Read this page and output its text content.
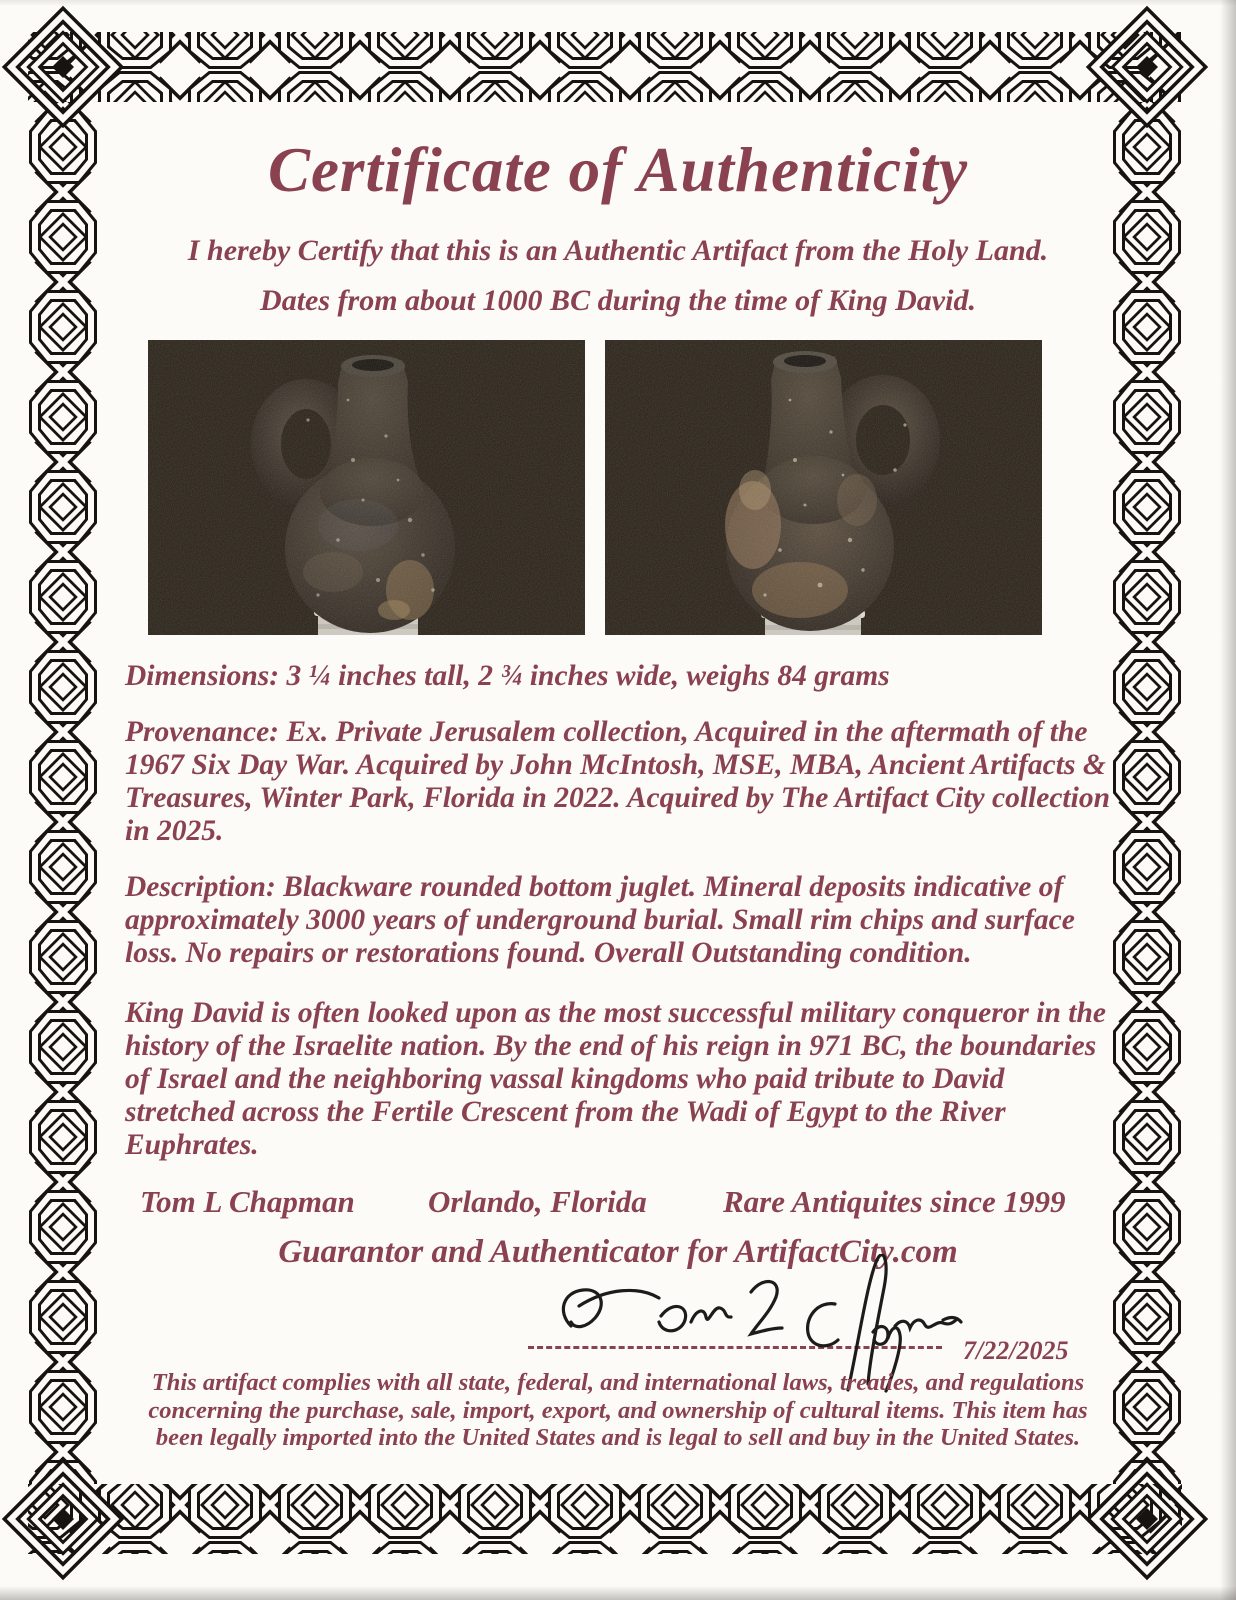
Certificate of Authenticity
I hereby Certify that this is an Authentic Artifact from the Holy Land.
Dates from about 1000 BC during the time of King David.
Dimensions: 3 ¼ inches tall, 2 ¾ inches wide, weighs 84 grams
Provenance: Ex. Private Jerusalem collection, Acquired in the aftermath of the 1967 Six Day War. Acquired by John McIntosh, MSE, MBA, Ancient Artifacts & Treasures, Winter Park, Florida in 2022. Acquired by The Artifact City collection in 2025.
Description: Blackware rounded bottom juglet. Mineral deposits indicative of approximately 3000 years of underground burial. Small rim chips and surface loss. No repairs or restorations found. Overall Outstanding condition.
King David is often looked upon as the most successful military conqueror in the history of the Israelite nation. By the end of his reign in 971 BC, the boundaries of Israel and the neighboring vassal kingdoms who paid tribute to David stretched across the Fertile Crescent from the Wadi of Egypt to the River Euphrates.
Tom L Chapman Orlando, Florida Rare Antiquites since 1999
Guarantor and Authenticator for ArtifactCity.com
7/22/2025
This artifact complies with all state, federal, and international laws, treaties, and regulations concerning the purchase, sale, import, export, and ownership of cultural items. This item has been legally imported into the United States and is legal to sell and buy in the United States.
